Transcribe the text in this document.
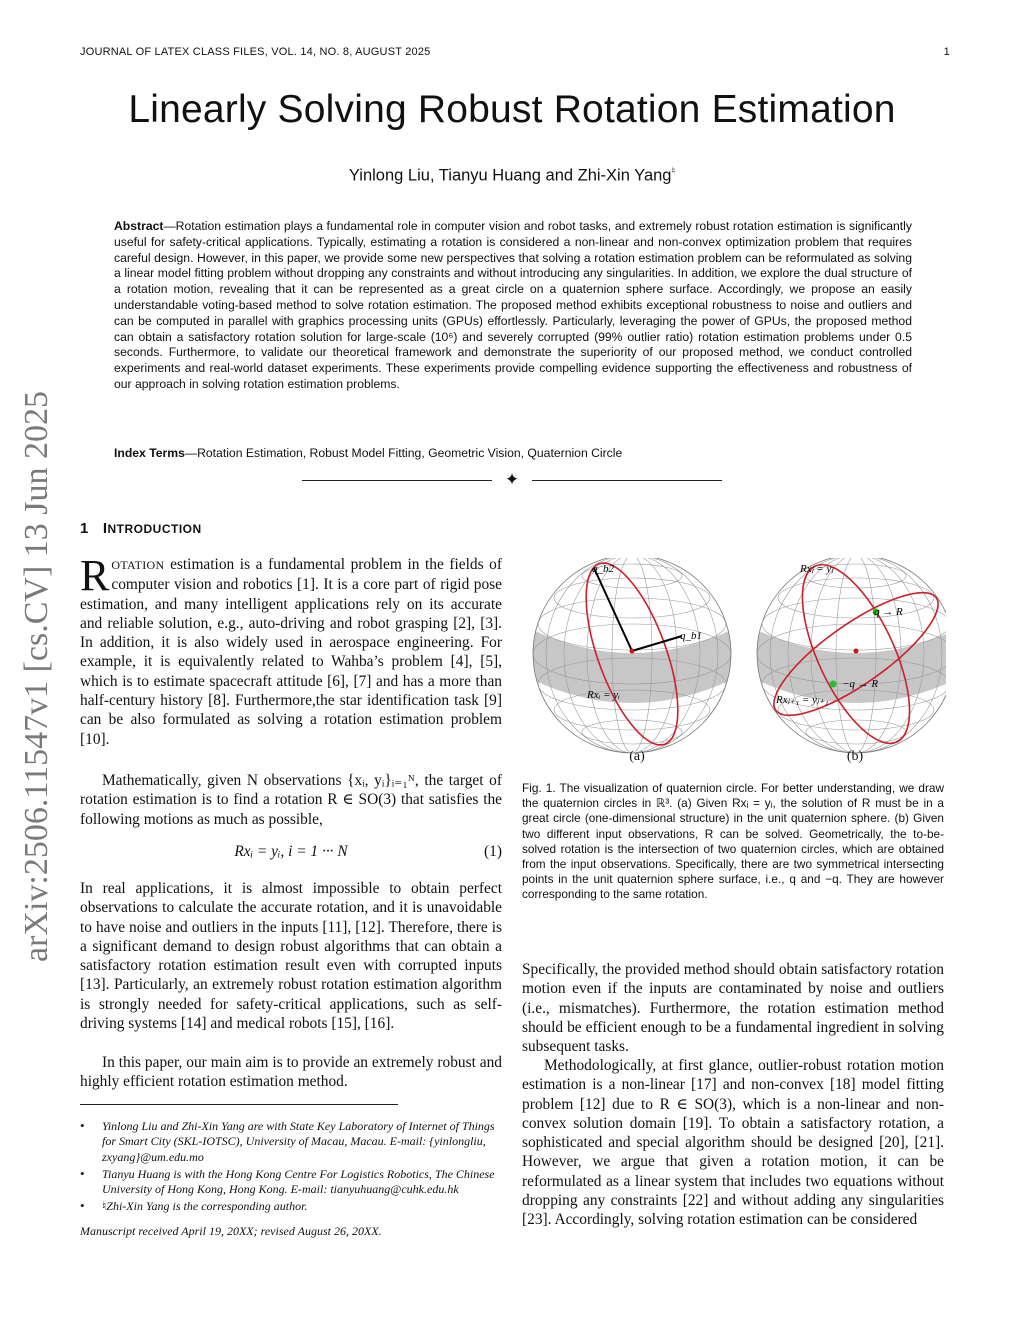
JOURNAL OF LATEX CLASS FILES, VOL. 14, NO. 8, AUGUST 2025	1
Linearly Solving Robust Rotation Estimation
Yinlong Liu, Tianyu Huang and Zhi-Xin Yang♮
Abstract—Rotation estimation plays a fundamental role in computer vision and robot tasks, and extremely robust rotation estimation is significantly useful for safety-critical applications. Typically, estimating a rotation is considered a non-linear and non-convex optimization problem that requires careful design. However, in this paper, we provide some new perspectives that solving a rotation estimation problem can be reformulated as solving a linear model fitting problem without dropping any constraints and without introducing any singularities. In addition, we explore the dual structure of a rotation motion, revealing that it can be represented as a great circle on a quaternion sphere surface. Accordingly, we propose an easily understandable voting-based method to solve rotation estimation. The proposed method exhibits exceptional robustness to noise and outliers and can be computed in parallel with graphics processing units (GPUs) effortlessly. Particularly, leveraging the power of GPUs, the proposed method can obtain a satisfactory rotation solution for large-scale (10⁶) and severely corrupted (99% outlier ratio) rotation estimation problems under 0.5 seconds. Furthermore, to validate our theoretical framework and demonstrate the superiority of our proposed method, we conduct controlled experiments and real-world dataset experiments. These experiments provide compelling evidence supporting the effectiveness and robustness of our approach in solving rotation estimation problems.
Index Terms—Rotation Estimation, Robust Model Fitting, Geometric Vision, Quaternion Circle
✦
1 INTRODUCTION
arXiv:2506.11547v1 [cs.CV] 13 Jun 2025 ROTATION estimation is a fundamental problem in the fields of computer vision and robotics [1]. It is a core part of rigid pose estimation, and many intelligent applications rely on its accurate and reliable solution, e.g., auto-driving and robot grasping [2], [3]. In addition, it is also widely used in aerospace engineering. For example, it is equivalently related to Wahba’s problem [4], [5], which is to estimate spacecraft attitude [6], [7] and has a more than half-century history [8]. Furthermore,the star identification task [9] can be also formulated as solving a rotation estimation problem [10].
Mathematically, given N observations {xᵢ, yᵢ}ᵢ₌₁ᴺ, the target of rotation estimation is to find a rotation R ∈ SO(3) that satisfies the following motions as much as possible,
Rxᵢ = yᵢ, i = 1 ··· N	(1)
In real applications, it is almost impossible to obtain perfect observations to calculate the accurate rotation, and it is unavoidable to have noise and outliers in the inputs [11], [12]. Therefore, there is a significant demand to design robust algorithms that can obtain a satisfactory rotation estimation result even with corrupted inputs [13]. Particularly, an extremely robust rotation estimation algorithm is strongly needed for safety-critical applications, such as self-driving systems [14] and medical robots [15], [16].
In this paper, our main aim is to provide an extremely robust and highly efficient rotation estimation method.
• Yinlong Liu and Zhi-Xin Yang are with State Key Laboratory of Internet of Things for Smart City (SKL-IOTSC), University of Macau, Macau. E-mail: {yinlongliu, zxyang}@um.edu.mo
• Tianyu Huang is with the Hong Kong Centre For Logistics Robotics, The Chinese University of Hong Kong, Hong Kong. E-mail: tianyuhuang@cuhk.edu.hk
• ♮Zhi-Xin Yang is the corresponding author.
Manuscript received April 19, 20XX; revised August 26, 20XX.
q_b2
q_b1
Rxᵢ = yᵢ
q → R
−q → R
Rxⱼ = yⱼ
Rxⱼ₊₁ = yⱼ₊₁
(a)	(b)
Fig. 1. The visualization of quaternion circle. For better understanding, we draw the quaternion circles in ℝ³. (a) Given Rxᵢ = yᵢ, the solution of R must be in a great circle (one-dimensional structure) in the unit quaternion sphere. (b) Given two different input observations, R can be solved. Geometrically, the to-be-solved rotation is the intersection of two quaternion circles, which are obtained from the input observations. Specifically, there are two symmetrical intersecting points in the unit quaternion sphere surface, i.e., q and −q. They are however corresponding to the same rotation.
Specifically, the provided method should obtain satisfactory rotation motion even if the inputs are contaminated by noise and outliers (i.e., mismatches). Furthermore, the rotation estimation method should be efficient enough to be a fundamental ingredient in solving subsequent tasks.
Methodologically, at first glance, outlier-robust rotation motion estimation is a non-linear [17] and non-convex [18] model fitting problem [12] due to R ∈ SO(3), which is a non-linear and non-convex solution domain [19]. To obtain a satisfactory rotation, a sophisticated and special algorithm should be designed [20], [21]. However, we argue that given a rotation motion, it can be reformulated as a linear system that includes two equations without dropping any constraints [22] and without adding any singularities [23]. Accordingly, solving rotation estimation can be considered
